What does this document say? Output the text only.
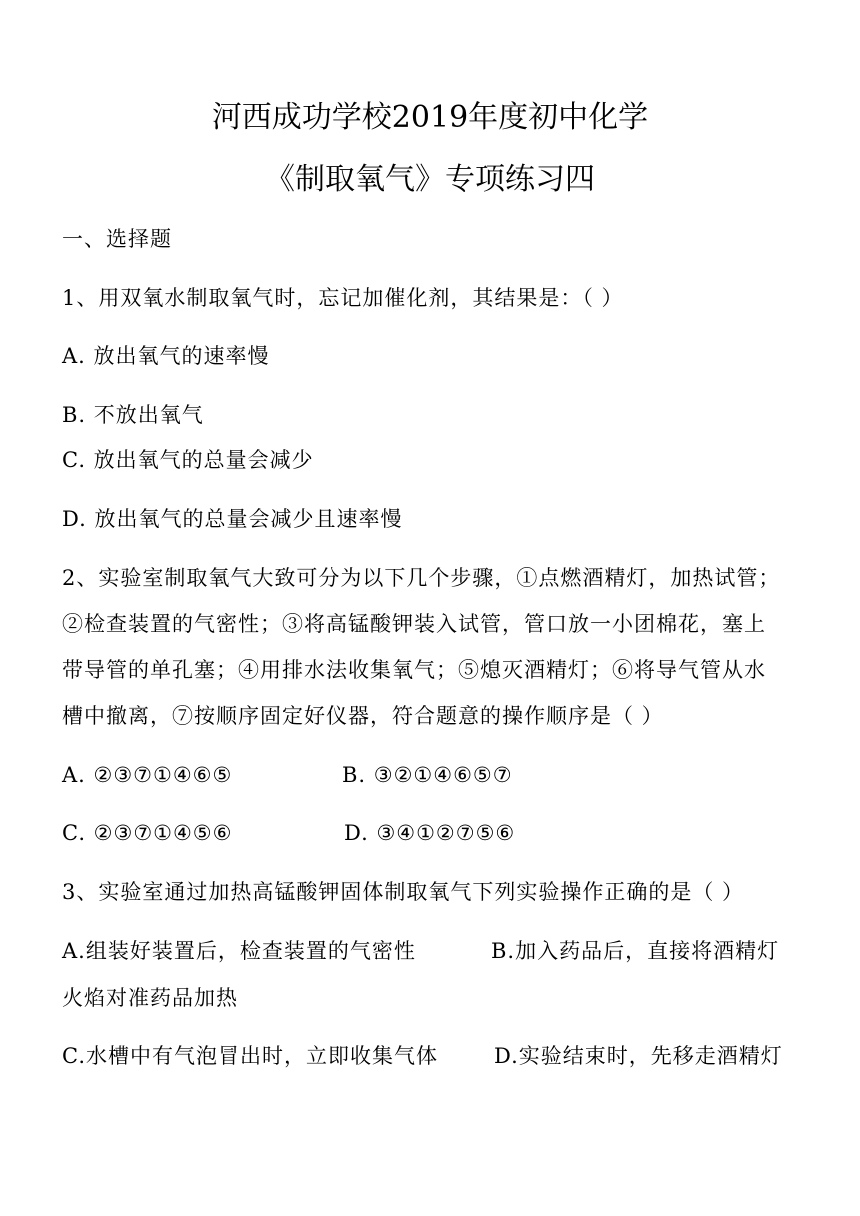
河西成功学校2019年度初中化学
《制取氧气》专项练习四
一、选择题
1、用双氧水制取氧气时，忘记加催化剂，其结果是：（ ）
A. 放出氧气的速率慢
B. 不放出氧气
C. 放出氧气的总量会减少
D. 放出氧气的总量会减少且速率慢
2、实验室制取氧气大致可分为以下几个步骤，①点燃酒精灯，加热试管；
②检查装置的气密性；③将高锰酸钾装入试管，管口放一小团棉花，塞上
带导管的单孔塞；④用排水法收集氧气；⑤熄灭酒精灯；⑥将导气管从水
槽中撤离，⑦按顺序固定好仪器，符合题意的操作顺序是（ ）
A. ②③⑦①④⑥⑤	B. ③②①④⑥⑤⑦
C. ②③⑦①④⑤⑥	D. ③④①②⑦⑤⑥
3、实验室通过加热高锰酸钾固体制取氧气下列实验操作正确的是（ ）
A.组装好装置后，检查装置的气密性	B.加入药品后，直接将酒精灯
火焰对准药品加热
C.水槽中有气泡冒出时，立即收集气体	D.实验结束时，先移走酒精灯
